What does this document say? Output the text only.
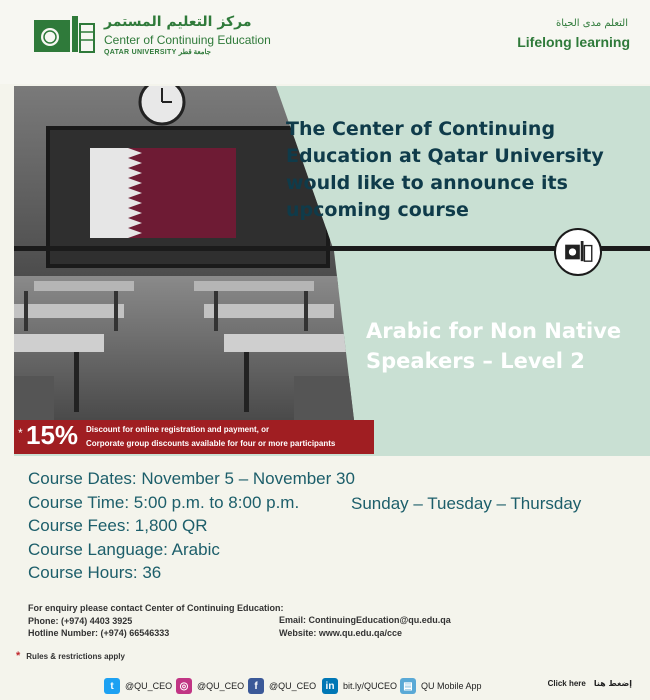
مركز التعليم المستمر
Center of Continuing Education
QATAR UNIVERSITY جامعة قطر
التعلم مدى الحياة
Lifelong learning
The Center of Continuing Education at Qatar University would like to announce its upcoming course
Arabic for Non Native Speakers – Level 2
* 15% Discount for online registration and payment, or
Corporate group discounts available for four or more participants
Course Dates: November 5 – November 30
Course Time: 5:00 p.m. to 8:00 p.m.
Course Fees: 1,800 QR
Course Language: Arabic
Course Hours: 36
Sunday – Tuesday – Thursday
For enquiry please contact Center of Continuing Education:
Phone: (+974) 4403 3925
Hotline Number: (+974) 66546333
Email: ContinuingEducation@qu.edu.qa
Website: www.qu.edu.qa/cce
* Rules & restrictions apply
t	@QU_CEO ◎ @QU_CEO	f	@QU_CEO in bit.ly/QUCEO ▤ QU Mobile App	Click here إضغط هنا
